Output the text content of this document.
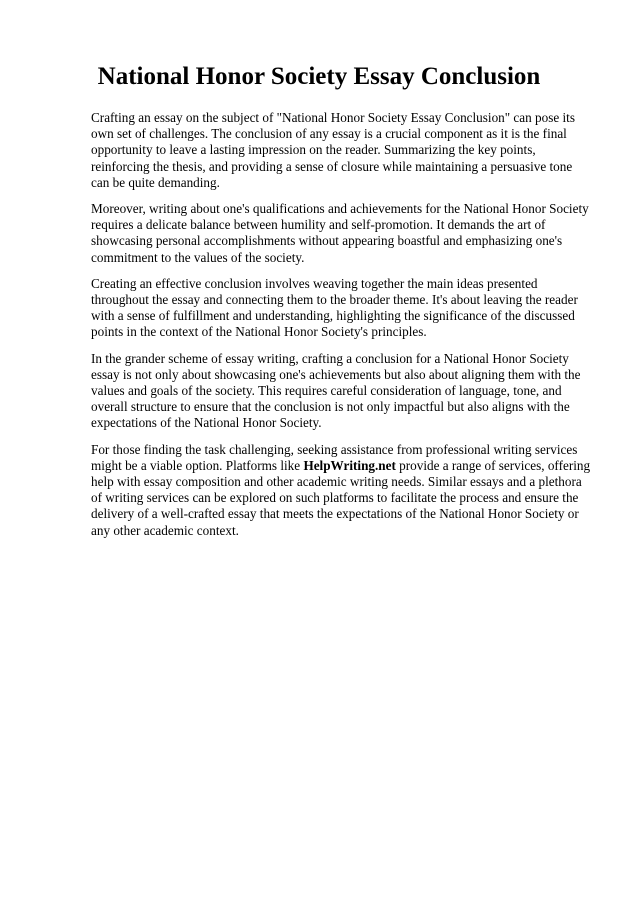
National Honor Society Essay Conclusion

Crafting an essay on the subject of "National Honor Society Essay Conclusion" can pose its own set of challenges. The conclusion of any essay is a crucial component as it is the final opportunity to leave a lasting impression on the reader. Summarizing the key points, reinforcing the thesis, and providing a sense of closure while maintaining a persuasive tone can be quite demanding.

Moreover, writing about one's qualifications and achievements for the National Honor Society requires a delicate balance between humility and self-promotion. It demands the art of showcasing personal accomplishments without appearing boastful and emphasizing one's commitment to the values of the society.

Creating an effective conclusion involves weaving together the main ideas presented throughout the essay and connecting them to the broader theme. It's about leaving the reader with a sense of fulfillment and understanding, highlighting the significance of the discussed points in the context of the National Honor Society's principles.

In the grander scheme of essay writing, crafting a conclusion for a National Honor Society essay is not only about showcasing one's achievements but also about aligning them with the values and goals of the society. This requires careful consideration of language, tone, and overall structure to ensure that the conclusion is not only impactful but also aligns with the expectations of the National Honor Society.

For those finding the task challenging, seeking assistance from professional writing services might be a viable option. Platforms like HelpWriting.net provide a range of services, offering help with essay composition and other academic writing needs. Similar essays and a plethora of writing services can be explored on such platforms to facilitate the process and ensure the delivery of a well-crafted essay that meets the expectations of the National Honor Society or any other academic context.
